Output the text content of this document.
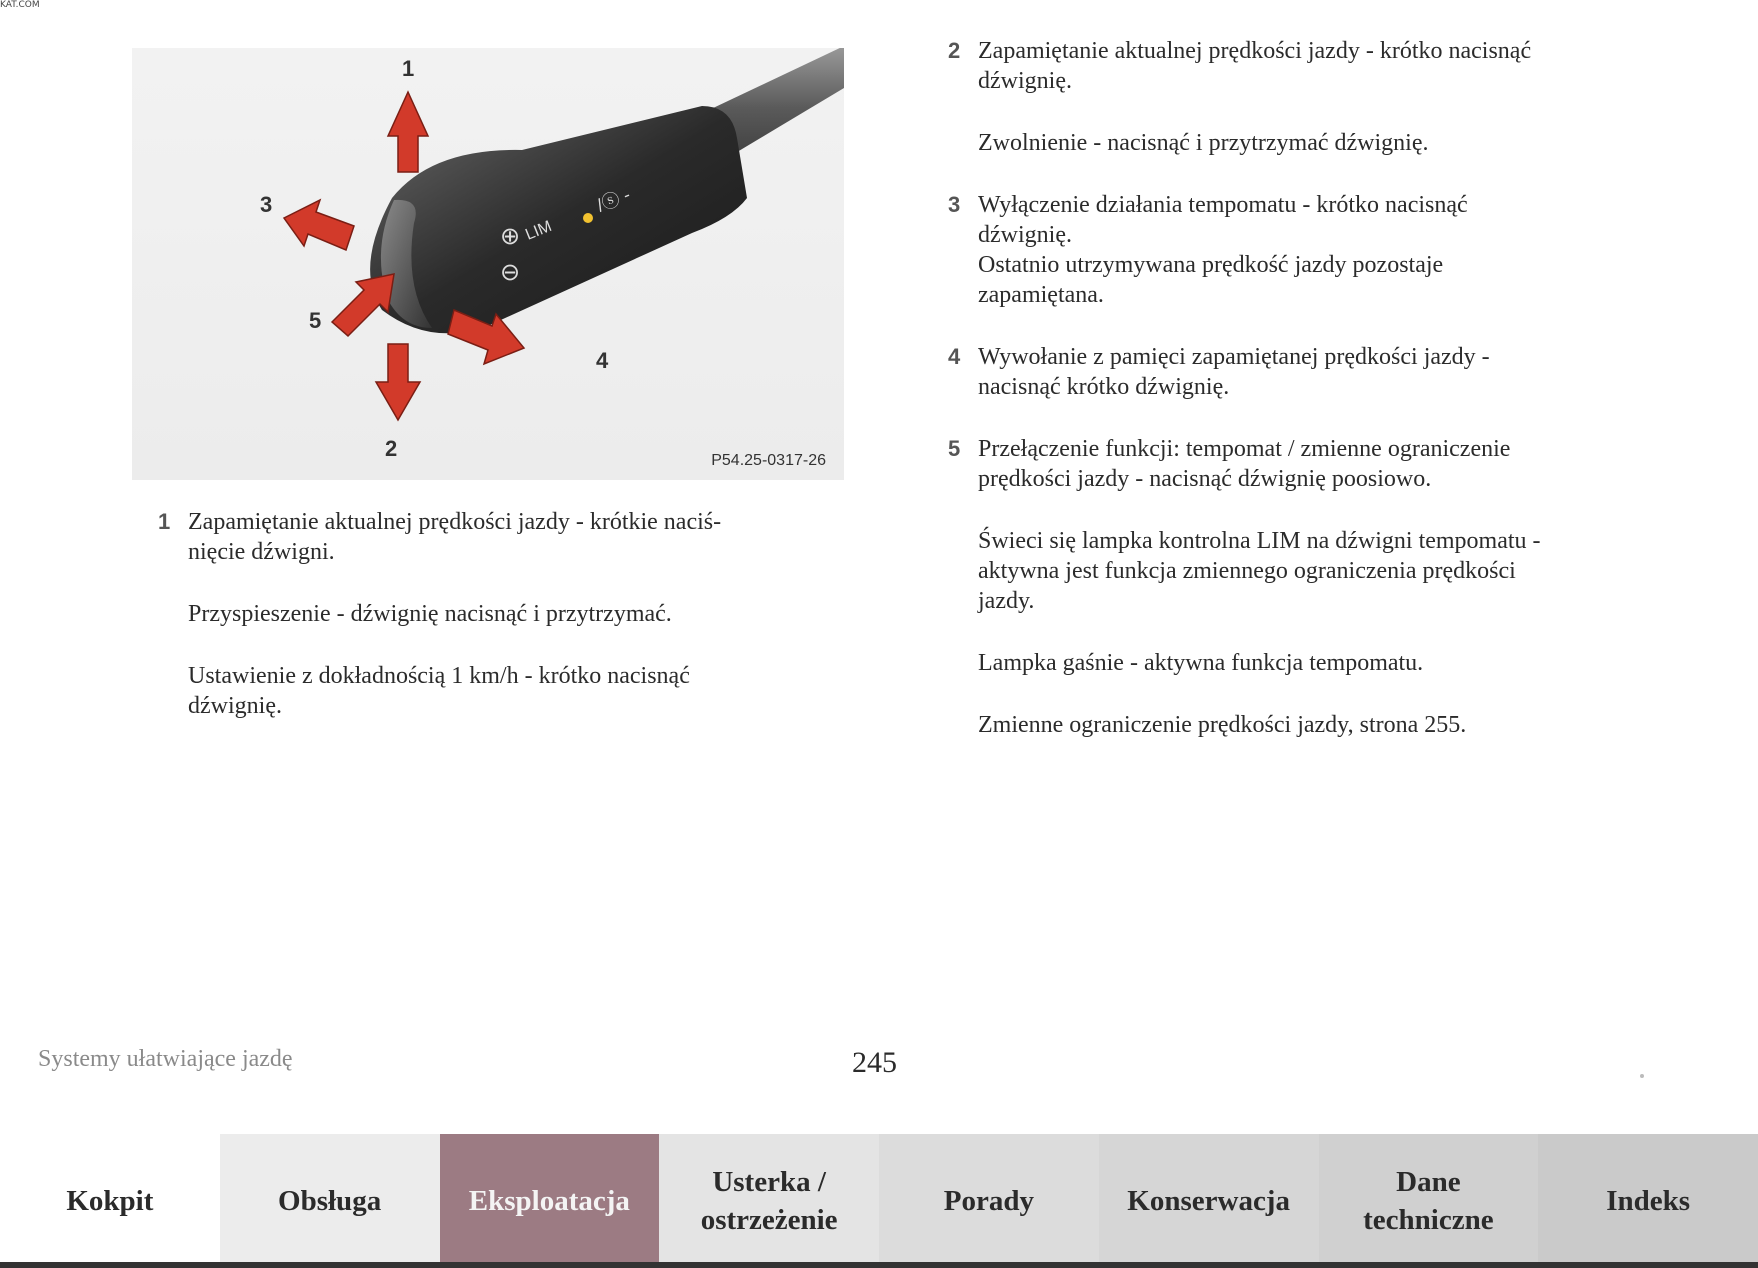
KAT.COM
⊕
⊖
LIM
/ⓢ -
1
2
3
4
5
P54.25-0317-26
1 Zapamiętanie aktualnej prędkości jazdy - krótkie naciś-
nięcie dźwigni.
Przyspieszenie - dźwignię nacisnąć i przytrzymać.
Ustawienie z dokładnością 1 km/h - krótko nacisnąć
dźwignię.
2 Zapamiętanie aktualnej prędkości jazdy - krótko nacisnąć
dźwignię.
Zwolnienie - nacisnąć i przytrzymać dźwignię.
3 Wyłączenie działania tempomatu - krótko nacisnąć
dźwignię.
Ostatnio utrzymywana prędkość jazdy pozostaje
zapamiętana.
4 Wywołanie z pamięci zapamiętanej prędkości jazdy -
nacisnąć krótko dźwignię.
5 Przełączenie funkcji: tempomat / zmienne ograniczenie
prędkości jazdy - nacisnąć dźwignię poosiowo.
Świeci się lampka kontrolna LIM na dźwigni tempomatu -
aktywna jest funkcja zmiennego ograniczenia prędkości
jazdy.
Lampka gaśnie - aktywna funkcja tempomatu.
Zmienne ograniczenie prędkości jazdy, strona 255.
Systemy ułatwiające jazdę	245
Kokpit	Obsługa	Eksploatacja
Usterka /
ostrzeżenie
Porady	Konserwacja
Dane
techniczne
Indeks
